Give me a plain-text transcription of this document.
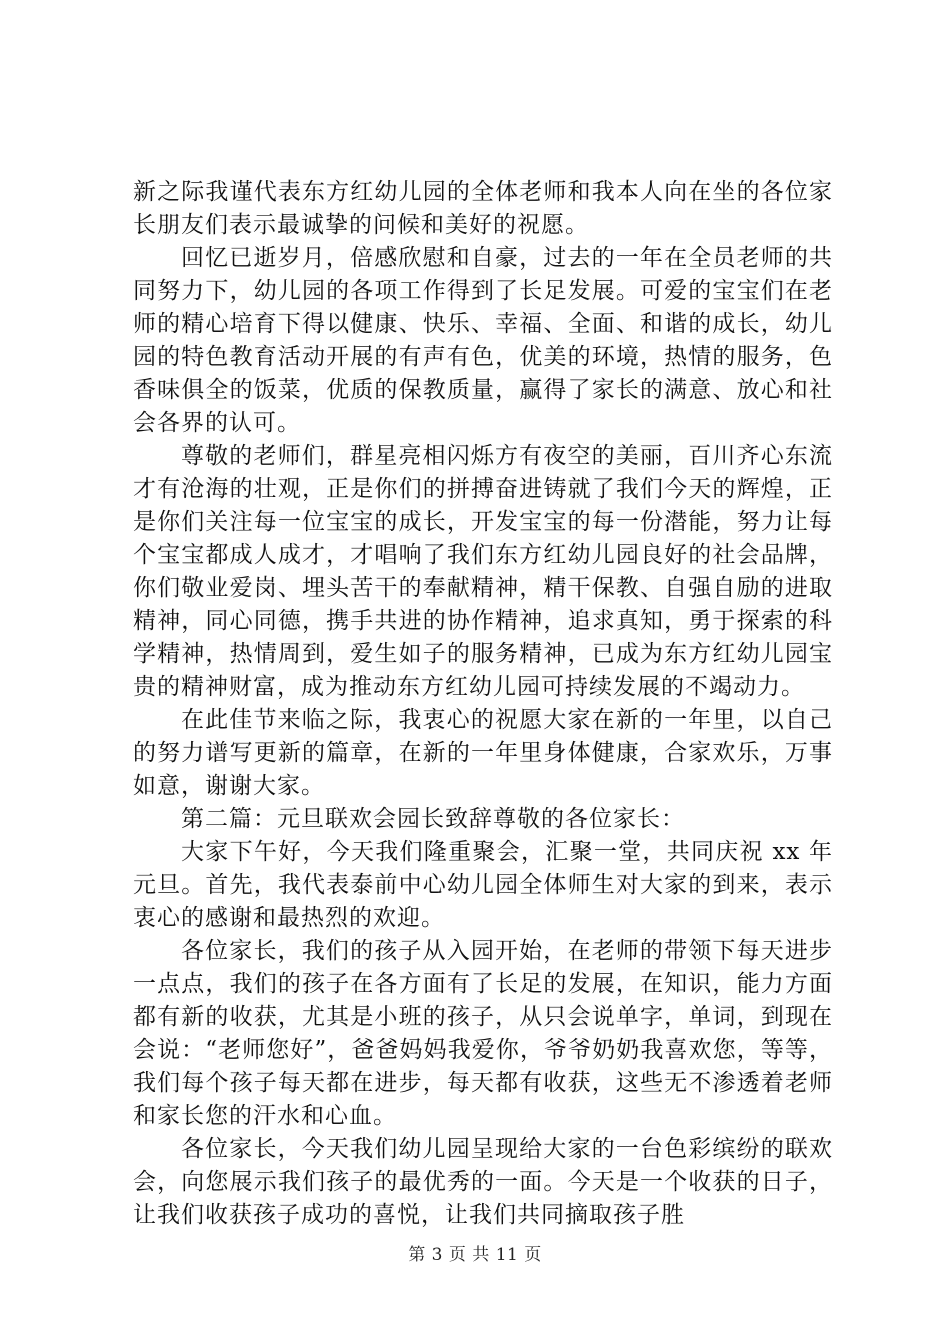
新之际我谨代表东方红幼儿园的全体老师和我本人向在坐的各位家长朋友们表示最诚挚的问候和美好的祝愿。

回忆已逝岁月，倍感欣慰和自豪，过去的一年在全员老师的共同努力下，幼儿园的各项工作得到了长足发展。可爱的宝宝们在老师的精心培育下得以健康、快乐、幸福、全面、和谐的成长，幼儿园的特色教育活动开展的有声有色，优美的环境，热情的服务，色香味俱全的饭菜，优质的保教质量，赢得了家长的满意、放心和社会各界的认可。

尊敬的老师们，群星亮相闪烁方有夜空的美丽，百川齐心东流才有沧海的壮观，正是你们的拼搏奋进铸就了我们今天的辉煌，正是你们关注每一位宝宝的成长，开发宝宝的每一份潜能，努力让每个宝宝都成人成才，才唱响了我们东方红幼儿园良好的社会品牌，你们敬业爱岗、埋头苦干的奉献精神，精干保教、自强自励的进取精神，同心同德，携手共进的协作精神，追求真知，勇于探索的科学精神，热情周到，爱生如子的服务精神，已成为东方红幼儿园宝贵的精神财富，成为推动东方红幼儿园可持续发展的不竭动力。

在此佳节来临之际，我衷心的祝愿大家在新的一年里，以自己的努力谱写更新的篇章，在新的一年里身体健康，合家欢乐，万事如意，谢谢大家。

第二篇：元旦联欢会园长致辞尊敬的各位家长：

大家下午好，今天我们隆重聚会，汇聚一堂，共同庆祝 xx 年元旦。首先，我代表泰前中心幼儿园全体师生对大家的到来，表示衷心的感谢和最热烈的欢迎。

各位家长，我们的孩子从入园开始，在老师的带领下每天进步一点点，我们的孩子在各方面有了长足的发展，在知识，能力方面都有新的收获，尤其是小班的孩子，从只会说单字，单词，到现在会说：“老师您好”，爸爸妈妈我爱你，爷爷奶奶我喜欢您，等等，我们每个孩子每天都在进步，每天都有收获，这些无不渗透着老师和家长您的汗水和心血。

各位家长，今天我们幼儿园呈现给大家的一台色彩缤纷的联欢会，向您展示我们孩子的最优秀的一面。今天是一个收获的日子，让我们收获孩子成功的喜悦，让我们共同摘取孩子胜

第 3 页 共 11 页
